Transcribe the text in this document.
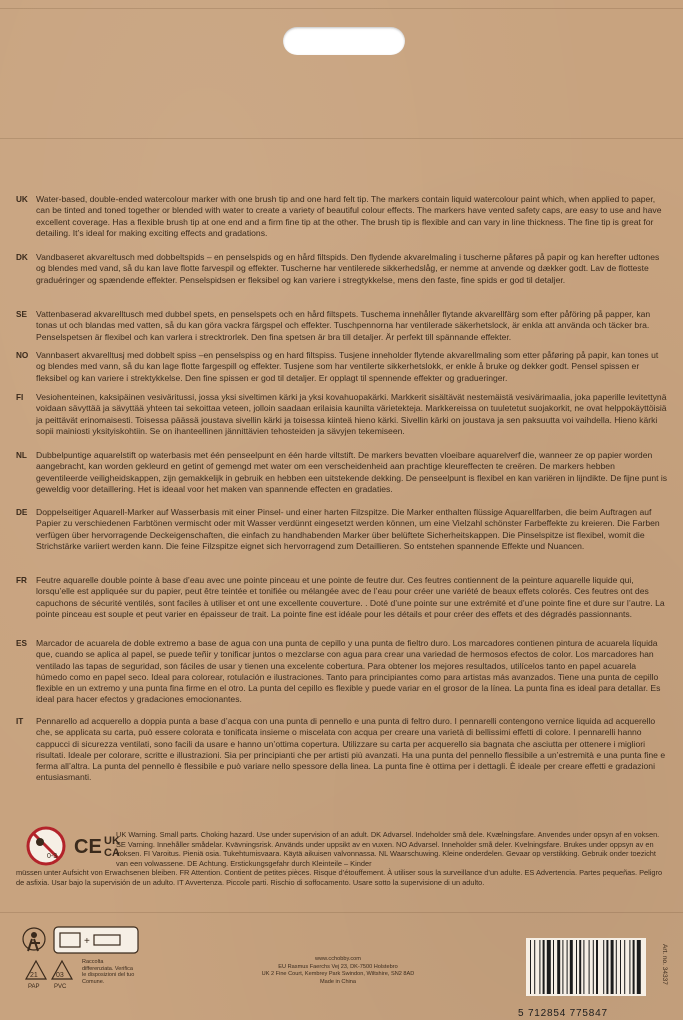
UK Water-based, double-ended watercolour marker with one brush tip and one hard felt tip. The markers contain liquid watercolour paint which, when applied to paper, can be tinted and toned together or blended with water to create a variety of beautiful colour effects. The markers have vented safety caps, are easy to use and have excellent coverage. Has a flexible brush tip at one end and a firm fine tip at the other. The brush tip is flexible and can vary in line thickness. The fine tip is great for detailing. It’s ideal for making exciting effects and gradations.
DK Vandbaseret akvareltusch med dobbeltspids – en penselspids og en hård filtspids. Den flydende akvarelmaling i tuscherne påføres på papir og kan herefter udtones og blendes med vand, så du kan lave flotte farvespil og effekter. Tuscherne har ventilerede sikkerhedslåg, er nemme at anvende og dækker godt. Lav de flotteste graduéringer og spændende effekter. Penselspidsen er fleksibel og kan variere i stregtykkelse, mens den faste, fine spids er god til detaljer.
SE Vattenbaserad akvarelltusch med dubbel spets, en penselspets och en hård filtspets. Tuschema innehåller flytande akvarellfärg som efter påföring på papper, kan tonas ut och blandas med vatten, så du kan göra vackra färgspel och effekter. Tuschpennorna har ventilerade säkerhetslock, är enkla att använda och täcker bra. Penselspetsen är flexibel och kan varlera i strecktrorlek. Den fina spetsen är bra till detaljer. Är perfekt till spännande effekter.
NO Vannbasert akvarelltusj med dobbelt spiss –en penselspiss og en hard filtspiss. Tusjene inneholder flytende akvarellmaling som etter påføring på papir, kan tones ut og blendes med vann, så du kan lage flotte fargespill og effekter. Tusjene som har ventilerte sikkerhetslokk, er enkle å bruke og dekker godt. Pensel spissen er fleksibel og kan variere i strektykkelse. Den fine spissen er god til detaljer. Er opplagt til spennende effekter og gradueringer.
FI Vesiohenteinen, kaksipäinen vesiväritussi, jossa yksi siveltimen kärki ja yksi kovahuopakärki. Markkerit sisältävät nestemäistä vesivärimaalia, joka paperille levitettynä voidaan sävyttää ja sävyttää yhteen tai sekoittaa veteen, jolloin saadaan erilaisia kaunilta värietekteja. Markkereissa on tuuletetut suojakorkit, ne ovat helppokäyttöisiä ja peittävät erinomaisesti. Toisessa päässä joustava sivellin kärki ja toisessa kiinteä hieno kärki. Sivellin kärki on joustava ja sen paksuutta voi vaihdella. Hieno kärki sopii mainiosti yksityiskohtiin. Se on ihanteellinen jännittävien tehosteiden ja sävyjen tekemiseen.
NL Dubbelpuntige aquarelstift op waterbasis met één penseelpunt en één harde viltstift. De markers bevatten vloeibare aquarelverf die, wanneer ze op papier worden aangebracht, kan worden gekleurd en getint of gemengd met water om een verscheidenheid aan prachtige kleureffecten te creëren. De markers hebben geventileerde veiligheidskappen, zijn gemakkelijk in gebruik en hebben een uitstekende dekking. De penseelpunt is flexibel en kan variëren in lijndikte. De fijne punt is geweldig voor detaillering. Het is ideaal voor het maken van spannende effecten en gradaties.
DE Doppelseitiger Aquarell-Marker auf Wasserbasis mit einer Pinsel- und einer harten Filzspitze. Die Marker enthalten flüssige Aquarellfarben, die beim Auftragen auf Papier zu verschiedenen Farbtönen vermischt oder mit Wasser verdünnt eingesetzt werden können, um eine Vielzahl schönster Farbeffekte zu kreieren. Die Farben verfügen über hervorragende Deckeigenschaften, die einfach zu handhabenden Marker über belüftete Sicherheitskappen. Die Pinselspitze ist flexibel, womit die Strichstärke variiert werden kann. Die feine Filzspitze eignet sich hervorragend zum Detaillieren. So entstehen spannende Effekte und Nuancen.
FR Feutre aquarelle double pointe à base d’eau avec une pointe pinceau et une pointe de feutre dur. Ces feutres contiennent de la peinture aquarelle liquide qui, lorsqu’elle est appliquée sur du papier, peut être teintée et tonifiée ou mélangée avec de l’eau pour créer une variété de beaux effets colorés. Ces feutres ont des capuchons de sécurité ventilés, sont faciles à utiliser et ont une excellente couverture. . Doté d’une pointe sur une extrémité et d’une pointe fine et dure sur l’autre. La pointe pinceau est souple et peut varier en épaisseur de trait. La pointe fine est idéale pour les détails et pour créer des effets et des dégradés passionnants.
ES Marcador de acuarela de doble extremo a base de agua con una punta de cepillo y una punta de fieltro duro. Los marcadores contienen pintura de acuarela líquida que, cuando se aplica al papel, se puede teñir y tonificar juntos o mezclarse con agua para crear una variedad de hermosos efectos de color. Los marcadores han ventilado las tapas de seguridad, son fáciles de usar y tienen una excelente cobertura. Para obtener los mejores resultados, utilícelos tanto en papel acuarela húmedo como en papel seco. Ideal para colorear, rotulación e ilustraciones. Tanto para principiantes como para artistas más avanzados. Tiene una punta de cepillo flexible en un extremo y una punta fina firme en el otro. La punta del cepillo es flexible y puede variar en el grosor de la línea. La punta fina es ideal para detallar. Es ideal para hacer efectos y gradaciones emocionantes.
IT Pennarello ad acquerello a doppia punta a base d’acqua con una punta di pennello e una punta di feltro duro. I pennarelli contengono vernice liquida ad acquerello che, se applicata su carta, può essere colorata e tonificata insieme o miscelata con acqua per creare una varietà di bellissimi effetti di colore. I pennarelli hanno cappucci di sicurezza ventilati, sono facili da usare e hanno un’ottima copertura. Utilizzare su carta per acquerello sia bagnata che asciutta per ottenere i migliori risultati. Ideale per colorare, scritte e illustrazioni. Sia per principianti che per artisti più avanzati. Ha una punta del pennello flessibile a un’estremità e una punta fine e ferma all’altra. La punta del pennello è flessibile e può variare nello spessore della linea. La punta fine è ottima per i dettagli. È ideale per creare effetti e gradazioni entusiasmanti.
0-3 CE UK
CA
UK Warning. Small parts. Choking hazard. Use under supervision of an adult. DK Advarsel. Indeholder små dele. Kvælningsfare. Anvendes under opsyn af en voksen. SE Varning. Innehåller smådelar. Kvävningsrisk. Används under uppsikt av en vuxen. NO Advarsel. Inneholder små deler. Kvelningsfare. Brukes under oppsyn av en voksen. FI Varoitus. Pieniä osia. Tukehtumisvaara. Käytä aikuisen valvonnassa. NL Waarschuwing. Kleine onderdelen. Gevaar op verstikking. Gebruik onder toezicht van een volwassene. DE Achtung. Erstickungsgefahr durch Kleinteile – Kinder
müssen unter Aufsicht von Erwachsenen bleiben. FR Attention. Contient de petites pièces. Risque d’étouffement. À utiliser sous la surveillance d’un adulte. ES Advertencia. Partes pequeñas. Peligro de asfixia. Usar bajo la supervisión de un adulto. IT Avvertenza. Piccole parti. Rischio di soffocamento. Usare sotto la supervisione di un adulto.
+
21
PAP
03
PVC
Raccolta differenziata. Verifica le disposizioni del tuo Comune.
www.cchobby.com
EU Rasmus Faerchs Vej 23, DK-7500 Holstebro
UK 2 Fine Court, Kembrey Park Swindon, Wiltshire, SN2 8AD
Made in China
5 712854 775847
Art. no. 34337
